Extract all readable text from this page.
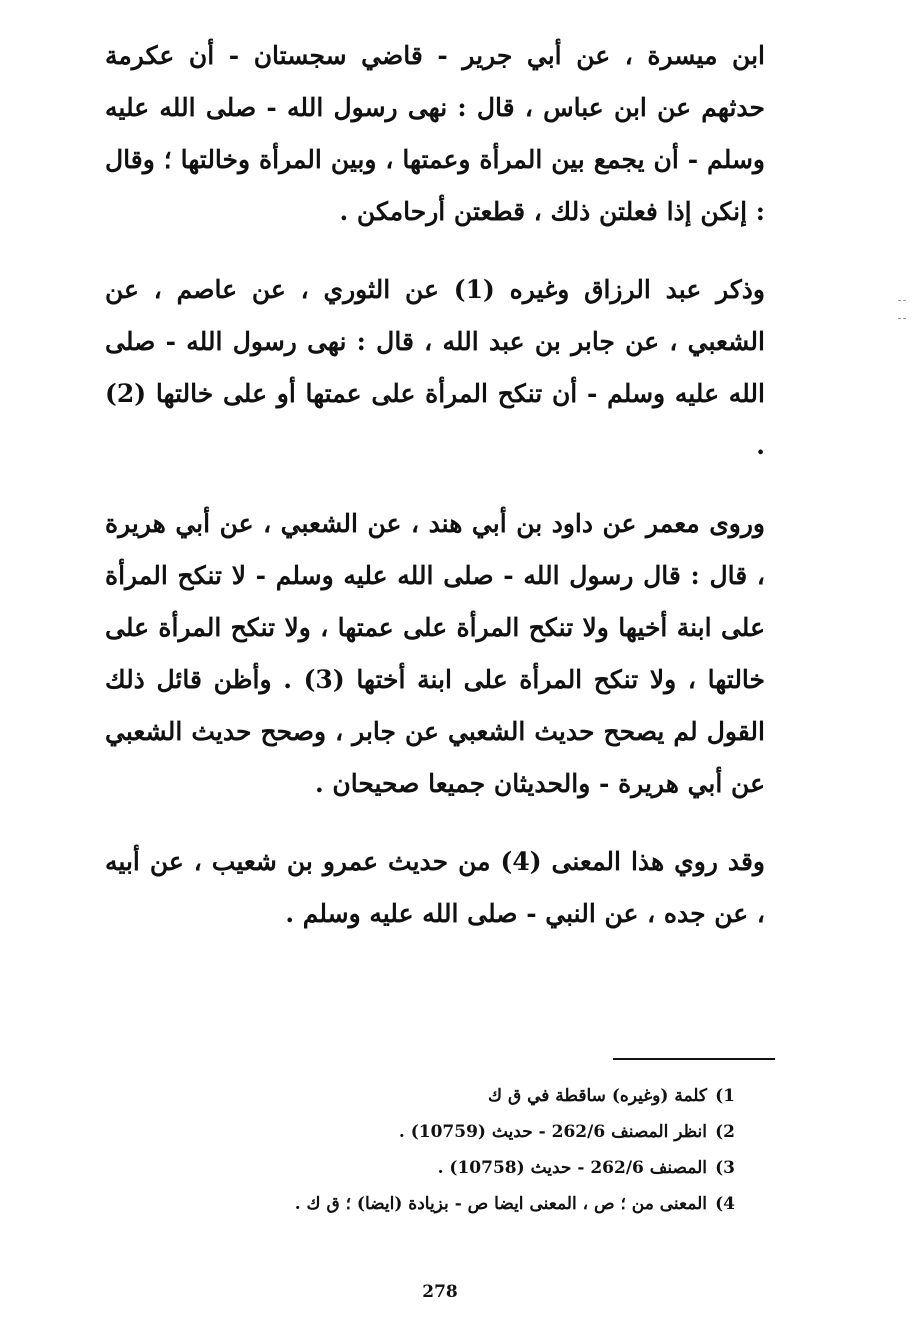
ابن ميسرة ، عن أبي جرير - قاضي سجستان - أن عكرمة حدثهم عن ابن عباس ، قال : نهى رسول الله - صلى الله عليه وسلم - أن يجمع بين المرأة وعمتها ، وبين المرأة وخالتها ؛ وقال : إنكن إذا فعلتن ذلك ، قطعتن أرحامكن .

وذكر عبد الرزاق وغيره (1) عن الثوري ، عن عاصم ، عن الشعبي ، عن جابر بن عبد الله ، قال : نهى رسول الله - صلى الله عليه وسلم - أن تنكح المرأة على عمتها أو على خالتها (2) .

وروى معمر عن داود بن أبي هند ، عن الشعبي ، عن أبي هريرة ، قال : قال رسول الله - صلى الله عليه وسلم - لا تنكح المرأة على ابنة أخيها ولا تنكح المرأة على عمتها ، ولا تنكح المرأة على خالتها ، ولا تنكح المرأة على ابنة أختها (3) . وأظن قائل ذلك القول لم يصحح حديث الشعبي عن جابر ، وصحح حديث الشعبي عن أبي هريرة - والحديثان جميعا صحيحان .

وقد روي هذا المعنى (4) من حديث عمرو بن شعيب ، عن أبيه ، عن جده ، عن النبي - صلى الله عليه وسلم .

1)
كلمة (وغيره) ساقطة في ق ك
2)
انظر المصنف 262/6 - حديث (10759) .
3)
المصنف 262/6 - حديث (10758) .
4)
المعنى من ؛ ص ، المعنى ايضا ص - بزيادة (ايضا) ؛ ق ك .
278
